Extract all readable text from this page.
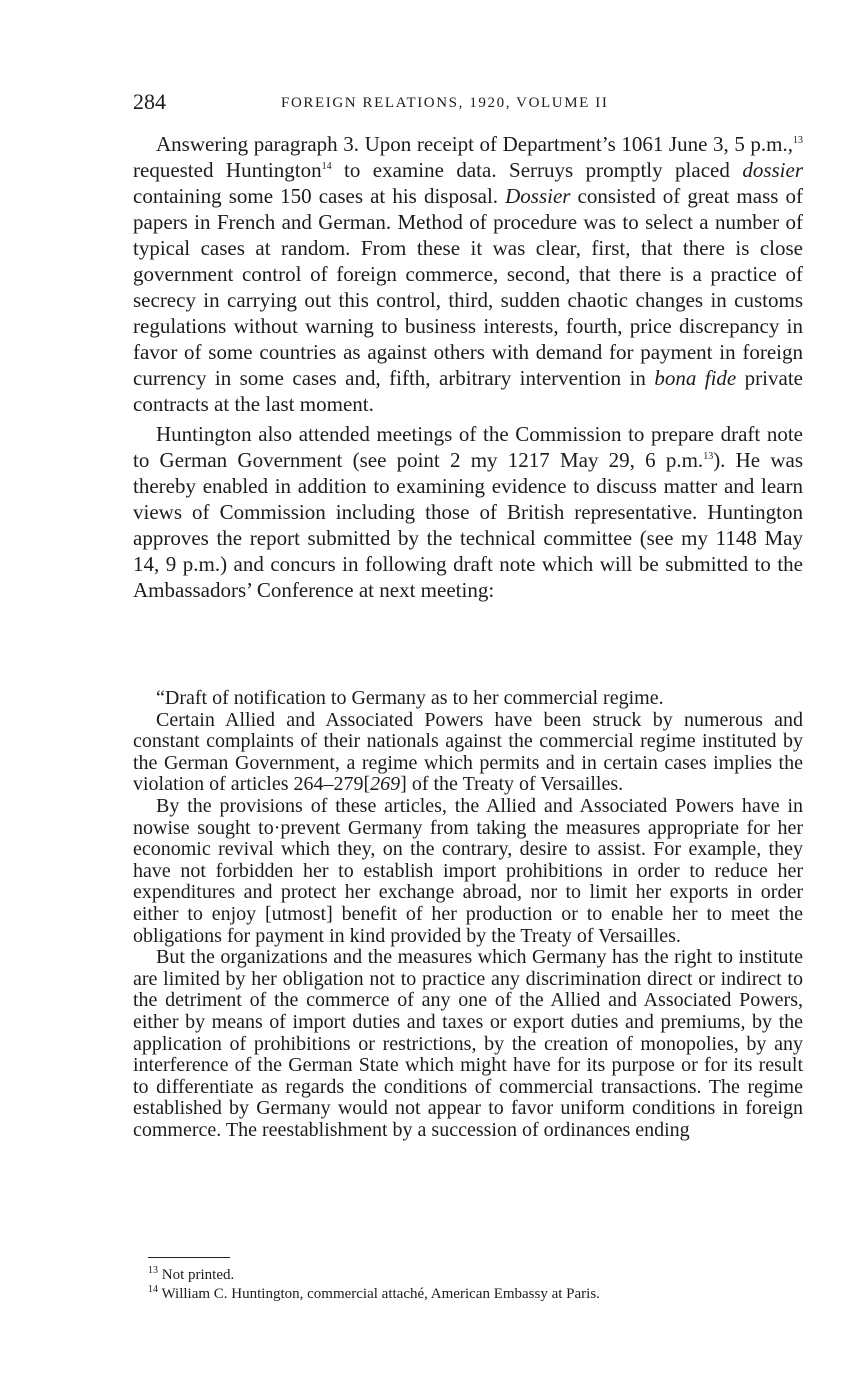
284	FOREIGN RELATIONS, 1920, VOLUME II

Answering paragraph 3. Upon receipt of Department’s 1061 June 3, 5 p.m.,$^{13}$ requested Huntington$^{14}$ to examine data. Serruys promptly placed dossier containing some 150 cases at his disposal. Dossier consisted of great mass of papers in French and German. Method of procedure was to select a number of typical cases at random. From these it was clear, first, that there is close government control of foreign commerce, second, that there is a practice of secrecy in carrying out this control, third, sudden chaotic changes in customs regulations without warning to business interests, fourth, price discrepancy in favor of some countries as against others with demand for payment in foreign currency in some cases and, fifth, arbitrary intervention in bona fide private contracts at the last moment.

Huntington also attended meetings of the Commission to prepare draft note to German Government (see point 2 my 1217 May 29, 6 p.m.$^{13}$). He was thereby enabled in addition to examining evidence to discuss matter and learn views of Commission including those of British representative. Huntington approves the report submitted by the technical committee (see my 1148 May 14, 9 p.m.) and concurs in following draft note which will be submitted to the Ambassadors’ Conference at next meeting:

“Draft of notification to Germany as to her commercial regime.

Certain Allied and Associated Powers have been struck by numerous and constant complaints of their nationals against the commercial regime instituted by the German Government, a regime which permits and in certain cases implies the violation of articles 264–279[269] of the Treaty of Versailles.

By the provisions of these articles, the Allied and Associated Powers have in nowise sought to·prevent Germany from taking the measures appropriate for her economic revival which they, on the contrary, desire to assist. For example, they have not forbidden her to establish import prohibitions in order to reduce her expenditures and protect her exchange abroad, nor to limit her exports in order either to enjoy [utmost] benefit of her production or to enable her to meet the obligations for payment in kind provided by the Treaty of Versailles.

But the organizations and the measures which Germany has the right to institute are limited by her obligation not to practice any discrimination direct or indirect to the detriment of the commerce of any one of the Allied and Associated Powers, either by means of import duties and taxes or export duties and premiums, by the application of prohibitions or restrictions, by the creation of monopolies, by any interference of the German State which might have for its purpose or for its result to differentiate as regards the conditions of commercial transactions. The regime established by Germany would not appear to favor uniform conditions in foreign commerce. The reestablishment by a succession of ordinances ending

$^{13}$ Not printed.

$^{14}$ William C. Huntington, commercial attaché, American Embassy at Paris.
